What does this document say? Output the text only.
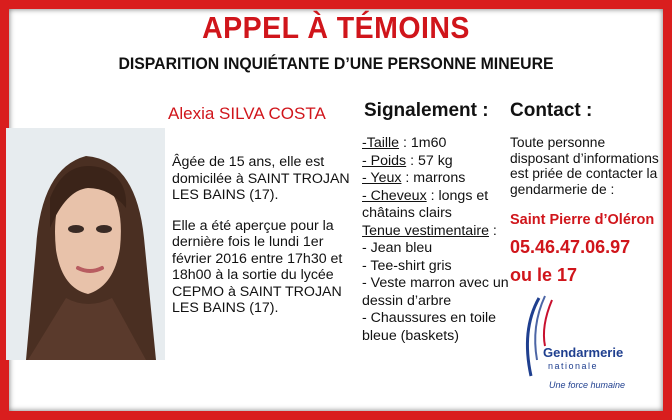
APPEL À TÉMOINS
DISPARITION INQUIÉTANTE D’UNE PERSONNE MINEURE
Alexia SILVA COSTA

Âgée de 15 ans, elle est domicilée à SAINT TROJAN LES BAINS (17).

Elle a été aperçue pour la dernière fois le lundi 1er février 2016 entre 17h30 et 18h00 à la sortie du lycée CEPMO à SAINT TROJAN LES BAINS (17).

Signalement : Contact :
-Taille : 1m60
- Poids : 57 kg
- Yeux : marrons
- Cheveux : longs et châtains clairs
Tenue vestimentaire :
- Jean bleu
- Tee-shirt gris
- Veste marron avec un dessin d’arbre
- Chaussures en toile bleue (baskets)
Toute personne disposant d’informations est priée de contacter la gendarmerie de :
Saint Pierre d’Oléron
05.46.47.06.97
ou le 17
Gendarmerie
nationale
Une force humaine
